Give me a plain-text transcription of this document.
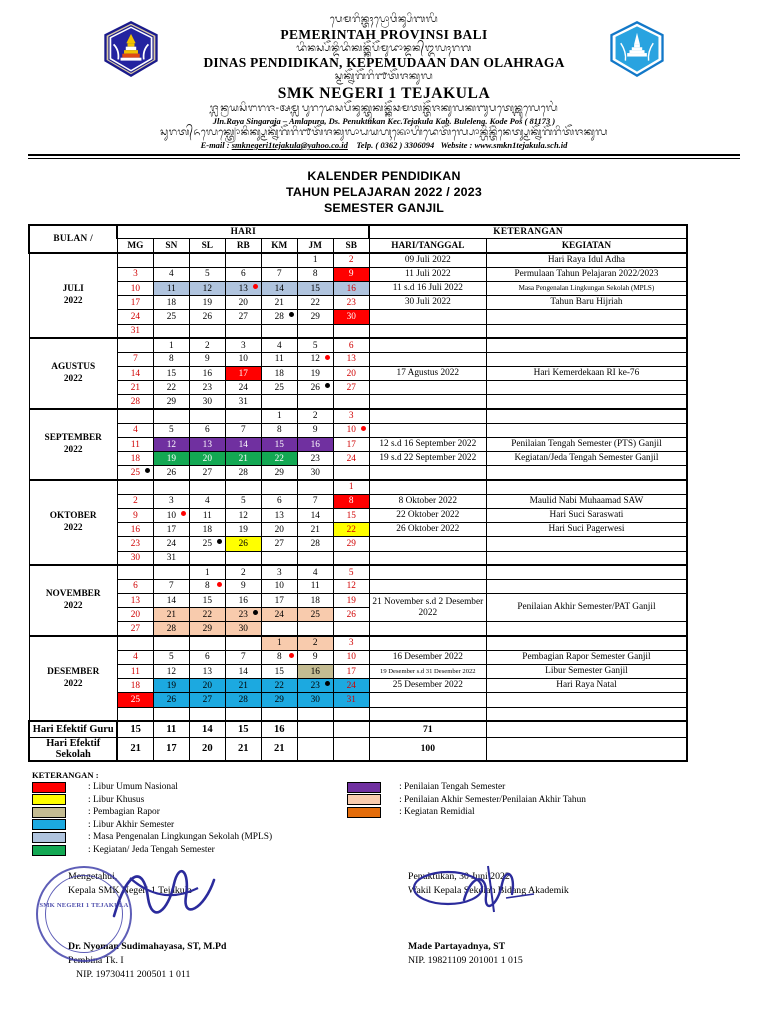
ᬧᬾᬫᬭᬶᬦ᭄ᬢᬄᬧ᭄ᬭᭀᬯᬶᬦ᭄ᬲᬶᬩᬮᬶ
PEMERINTAH PROVINSI BALI
ᬤᬶᬦᬲ᭄ᬧᭂᬦ᭄ᬤᬶᬤᬶᬓᬦ᭄ᬓᭂᬧᭂᬫᬸᬤᬵᬦ᭄ᬤᬦ᭄ᬑᬮᬄᬭᬕ
DINAS PENDIDIKAN, KEPEMUDAAN DAN OLAHRAGA
ᬲ᭄ᬫᬓ᭄ᬦᭂᬕᭂᬭᬶ᭑ᬢᭂᬚᬓᬸᬮ
SMK NEGERI 1 TEJAKULA
ᬚ᭄ᬮᬦ᭄ᬭᬬᬲᬶᬗᬭᬚ-ᬅᬫ᭄ᬮᬧᬸᬭᬤᬾᬲᬧᭂᬦᬸᬓ᭄ᬢᬸᬓᬦ᭄ᬓᭂᬘᬫᬢᬦ᭄ᬢᭂᬚᬓᬸᬮᬓᬩᬸᬧᬢᬾᬦ᭄ᬩᬸᬮᬾᬮᬾᬂ
Jln.Raya Singaraja – Amlapura, Ds. Penuktukan Kec.Tejakula Kab. Buleleng. Kode Pos ( 81173 )
ᬲᬸᬭᬢ᭄ᬏᬮᬾᬓ᭄ᬢ᭄ᬭᭀᬦᬶᬓ᭄ᬲ᭄ᬫᬓ᭄ᬦᭂᬕᭂᬭᬶ᭑ᬢᭂᬚᬓᬸᬮᬵᬟᬬᬳᬹᬓᭀᬳᬶᬤᬾᬢᭂᬮ᭄ᬧᭀᬦ᭄ᬳᬶᬦ᭄ᬢᭂᬃᬦᬾᬢ᭄ᬲ᭄ᬫᬓ᭄ᬦᭂᬕᭂᬭᬶᬢᭂᬚᬓᬸᬮ
E-mail : smknegeri1tejakula@yahoo.co.id Telp. ( 0362 ) 3306094 Website : www.smkn1tejakula.sch.id
KALENDER PENDIDIKAN
TAHUN PELAJARAN 2022 / 2023
SEMESTER GANJIL
BULAN /	HARI							KETERANGAN	
	MG	SN	SL	RB	KM	JM	SB	HARI/TANGGAL	KEGIATAN

JULI
2022						1	2	09 Juli 2022	Hari Raya Idul Adha
	3	4	5	6	7	8	9	11 Juli 2022	Permulaan Tahun Pelajaran 2022/2023
	10	11	12	13	14	15	16	11 s.d 16 Juli 2022	Masa Pengenalan Lingkungan Sekolah (MPLS)
	17	18	19	20	21	22	23	30 Juli 2022	Tahun Baru Hijriah
	24	25	26	27	28	29	30		
	31								

AGUSTUS
2022		1	2	3	4	5	6		
	7	8	9	10	11	12	13		
	14	15	16	17	18	19	20	17 Agustus 2022	Hari Kemerdekaan RI ke-76
	21	22	23	24	25	26	27		
	28	29	30	31					

SEPTEMBER
2022					1	2	3		
	4	5	6	7	8	9	10

	11	12	13	14	15	16	17	12 s.d 16 September 2022	Penilaian Tengah Semester (PTS) Ganjil
	18	19	20	21	22	23	24	19 s.d 22 September 2022	Kegiatan/Jeda Tengah Semester Ganjil
	25	26	27	28	29	30			

OKTOBER
2022							1		
	2	3	4	5	6	7	8	8 Oktober 2022	Maulid Nabi Muhaamad SAW
	9	10	11	12	13	14	15	22 Oktober 2022	Hari Suci Saraswati
	16	17	18	19	20	21	22	26 Oktober 2022	Hari Suci Pagerwesi
	23	24	25	26	27	28	29		
	30	31							

NOVEMBER
2022			1	2	3	4	5		
	6	7	8	9	10	11	12		
	13	14	15	16	17	18	19	21 November s.d 2 Desember 2022	Penilaian Akhir Semester/PAT Ganjil
	20	21	22	23	24	25	26		
	27	28	29	30					

DESEMBER
2022					1	2	3		
	4	5	6	7	8	9	10	16 Desember 2022	Pembagian Rapor Semester Ganjil
	11	12	13	14	15	16	17	19 Desember s.d 31 Desember 2022	Libur Semester Ganjil
	18	19	20	21	22	23	24	25 Desember 2022	Hari Raya Natal
	25	26	27	28	29	30	31		

Hari Efektif Guru	15	11	14	15	16			71	
Hari Efektif Sekolah	21	17	20	21	21			100	
KETERANGAN :
: Libur Umum Nasional
: Libur Khusus
: Pembagian Rapor
: Libur Akhir Semester
: Masa Pengenalan Lingkungan Sekolah (MPLS)
: Kegiatan/ Jeda Tengah Semester
: Penilaian Tengah Semester
: Penilaian Akhir Semester/Penilaian Akhir Tahun
: Kegiatan Remidial
Mengetahui,
Kepala SMK Negeri 1 Tejakula
SMK NEGERI 1 TEJAKULA
Dr. Nyoman Sudimahayasa, ST, M.Pd
Pembina Tk. I
NIP. 19730411 200501 1 011
Penuktukan, 30 Juni 2022
Wakil Kepala Sekolah Bidang Akademik
Made Partayadnya, ST
NIP. 19821109 201001 1 015
